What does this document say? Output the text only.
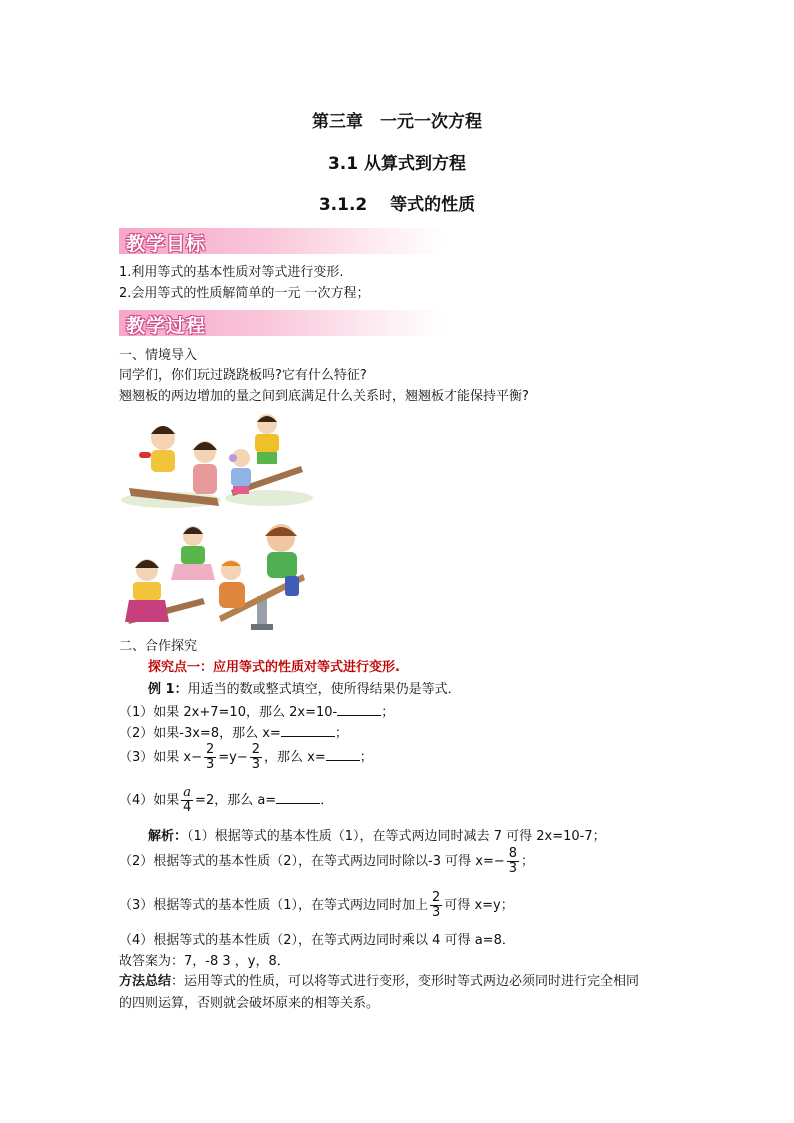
第三章　一元一次方程
3.1 从算式到方程
3.1.2　 等式的性质
教学目标
1.利用等式的基本性质对等式进行变形.
2.会用等式的性质解简单的一元 一次方程；
教学过程
一、情境导入
同学们，你们玩过跷跷板吗?它有什么特征?
翘翘板的两边增加的量之间到底满足什么关系时，翘翘板才能保持平衡?
二、合作探究
探究点一：应用等式的性质对等式进行变形.
例 1：用适当的数或整式填空，使所得结果仍是等式．
（1）如果 2x+7=10，那么 2x=10-	；
（2）如果-3x=8，那么 x=	；
（3）如果 $x- \frac{2}{3} =y- \frac{2}{3}$ ，那么 x=	；
（4）如果 $\frac{a}{4} =2$，那么 a=	．
解析：（1）根据等式的基本性质（1），在等式两边同时减去 7 可得 2x=10-7；
（2）根据等式的基本性质（2），在等式两边同时除以-3 可得 $x=- \frac{8}{3}$ ；
（3）根据等式的基本性质（1），在等式两边同时加上 $\frac{2}{3}$ 可得 x=y；
（4）根据等式的基本性质（2），在等式两边同时乘以 4 可得 a=8．
故答案为：7，-8 3 ，y，8．
方法总结：运用等式的性质，可以将等式进行变形，变形时等式两边必须同时进行完全相同
的四则运算，否则就会破坏原来的相等关系。
